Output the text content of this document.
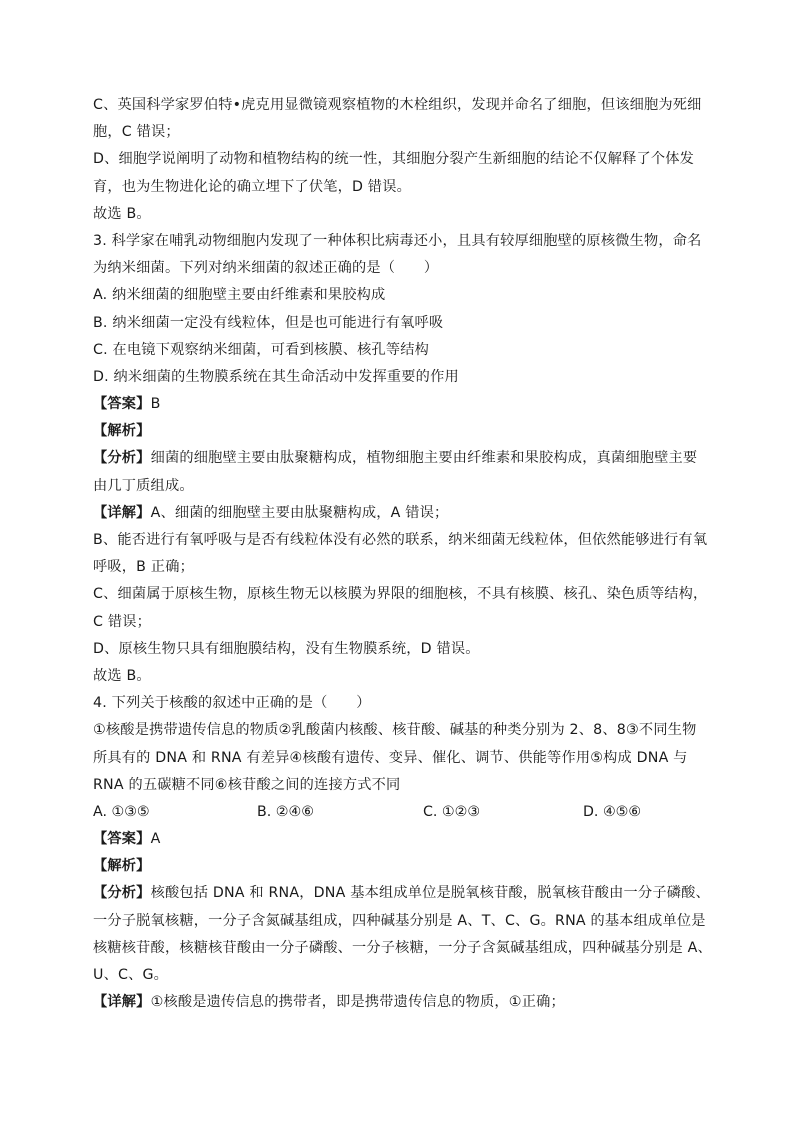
C、英国科学家罗伯特•虎克用显微镜观察植物的木栓组织，发现并命名了细胞，但该细胞为死细
胞，C 错误；
D、细胞学说阐明了动物和植物结构的统一性，其细胞分裂产生新细胞的结论不仅解释了个体发
育，也为生物进化论的确立埋下了伏笔，D 错误。
故选 B。
3. 科学家在哺乳动物细胞内发现了一种体积比病毒还小，且具有较厚细胞壁的原核微生物，命名
为纳米细菌。下列对纳米细菌的叙述正确的是（　　）
A. 纳米细菌的细胞壁主要由纤维素和果胶构成
B. 纳米细菌一定没有线粒体，但是也可能进行有氧呼吸
C. 在电镜下观察纳米细菌，可看到核膜、核孔等结构
D. 纳米细菌的生物膜系统在其生命活动中发挥重要的作用
【答案】B
【解析】
【分析】细菌的细胞壁主要由肽聚糖构成，植物细胞主要由纤维素和果胶构成，真菌细胞壁主要
由几丁质组成。
【详解】A、细菌的细胞壁主要由肽聚糖构成，A 错误；
B、能否进行有氧呼吸与是否有线粒体没有必然的联系，纳米细菌无线粒体，但依然能够进行有氧
呼吸，B 正确；
C、细菌属于原核生物，原核生物无以核膜为界限的细胞核，不具有核膜、核孔、染色质等结构，
C 错误；
D、原核生物只具有细胞膜结构，没有生物膜系统，D 错误。
故选 B。
4. 下列关于核酸的叙述中正确的是（　　）
①核酸是携带遗传信息的物质②乳酸菌内核酸、核苷酸、碱基的种类分别为 2、8、8③不同生物
所具有的 DNA 和 RNA 有差异④核酸有遗传、变异、催化、调节、供能等作用⑤构成 DNA 与
RNA 的五碳糖不同⑥核苷酸之间的连接方式不同
A. ①③⑤	B. ②④⑥	C. ①②③	D. ④⑤⑥
【答案】A
【解析】
【分析】核酸包括 DNA 和 RNA，DNA 基本组成单位是脱氧核苷酸，脱氧核苷酸由一分子磷酸、
一分子脱氧核糖，一分子含氮碱基组成，四种碱基分别是 A、T、C、G。RNA 的基本组成单位是
核糖核苷酸，核糖核苷酸由一分子磷酸、一分子核糖，一分子含氮碱基组成，四种碱基分别是 A、
U、C、G。
【详解】①核酸是遗传信息的携带者，即是携带遗传信息的物质，①正确；
